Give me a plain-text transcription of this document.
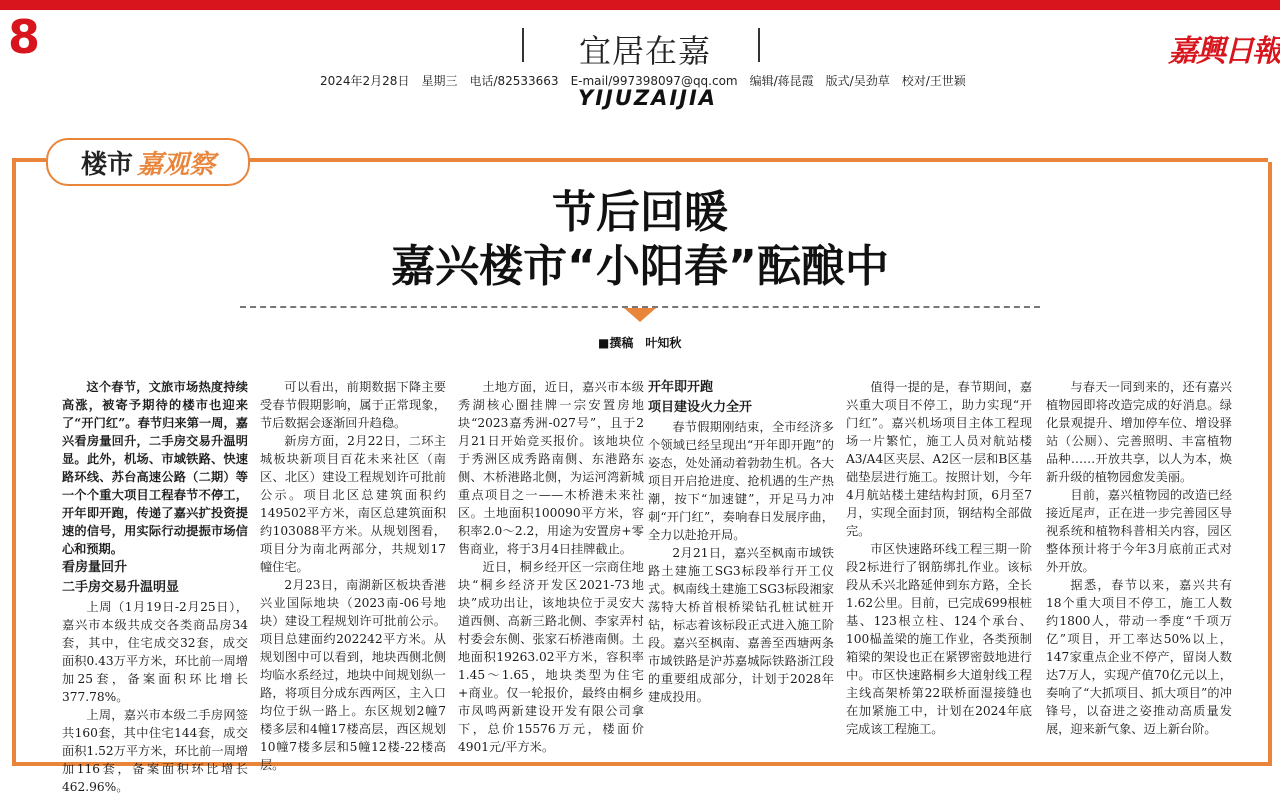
8	宜居在嘉
2024年2月28日　星期三　电话/82533663　E-mail/997398097@qq.com　编辑/蒋昆霞　版式/吴劲草　校对/王世颖
YIJUZAIJIA
嘉興日報
楼市 嘉观察
节后回暖
嘉兴楼市“小阳春”酝酿中
■撰稿　叶知秋

这个春节，文旅市场热度持续高涨，被寄予期待的楼市也迎来了“开门红”。春节归来第一周，嘉兴看房量回升，二手房交易升温明显。此外，机场、市域铁路、快速路环线、苏台高速公路（二期）等一个个重大项目工程春节不停工，开年即开跑，传递了嘉兴扩投资提速的信号，用实际行动提振市场信心和预期。

看房量回升

二手房交易升温明显

上周（1月19日-2月25日），嘉兴市本级共成交各类商品房34套，其中，住宅成交32套，成交面积0.43万平方米，环比前一周增加25套，备案面积环比增长377.78%。

上周，嘉兴市本级二手房网签共160套，其中住宅144套，成交面积1.52万平方米，环比前一周增加116套，备案面积环比增长462.96%。

可以看出，前期数据下降主要受春节假期影响，属于正常现象，节后数据会逐渐回升趋稳。

新房方面，2月22日，二环主城板块新项目百花未来社区（南区、北区）建设工程规划许可批前公示。项目北区总建筑面积约149502平方米，南区总建筑面积约103088平方米。从规划图看，项目分为南北两部分，共规划17幢住宅。

2月23日，南湖新区板块香港兴业国际地块（2023南-06号地块）建设工程规划许可批前公示。项目总建面约202242平方米。从规划图中可以看到，地块西侧北侧均临水系经过，地块中间规划纵一路，将项目分成东西两区，主入口均位于纵一路上。东区规划2幢7楼多层和4幢17楼高层，西区规划10幢7楼多层和5幢12楼-22楼高层。

土地方面，近日，嘉兴市本级秀湖核心圈挂牌一宗安置房地块“2023嘉秀洲-027号”，且于2月21日开始竞买报价。该地块位于秀洲区成秀路南侧、东港路东侧、木桥港路北侧，为运河湾新城重点项目之一——木桥港未来社区。土地面积100090平方米，容积率2.0～2.2，用途为安置房+零售商业，将于3月4日挂牌截止。

近日，桐乡经开区一宗商住地块“桐乡经济开发区2021-73地块”成功出让，该地块位于灵安大道西侧、高新三路北侧、李家弄村村委会东侧、张家石桥港南侧。土地面积19263.02平方米，容积率1.45～1.65，地块类型为住宅+商业。仅一轮报价，最终由桐乡市凤鸣两新建设开发有限公司拿下，总价15576万元，楼面价4901元/平方米。

开年即开跑

项目建设火力全开

春节假期刚结束，全市经济多个领域已经呈现出“开年即开跑”的姿态，处处涌动着勃勃生机。各大项目开启抢进度、抢机遇的生产热潮，按下“加速键”，开足马力冲刺“开门红”，奏响春日发展序曲，全力以赴抢开局。

2月21日，嘉兴至枫南市域铁路土建施工SG3标段举行开工仪式。枫南线土建施工SG3标段湘家荡特大桥首根桥梁钻孔桩试桩开钻，标志着该标段正式进入施工阶段。嘉兴至枫南、嘉善至西塘两条市域铁路是沪苏嘉城际铁路浙江段的重要组成部分，计划于2028年建成投用。

值得一提的是，春节期间，嘉兴重大项目不停工，助力实现“开门红”。嘉兴机场项目主体工程现场一片繁忙，施工人员对航站楼A3/A4区夹层、A2区一层和B区基础垫层进行施工。按照计划，今年4月航站楼土建结构封顶，6月至7月，实现全面封顶，钢结构全部做完。

市区快速路环线工程三期一阶段2标进行了钢筋绑扎作业。该标段从禾兴北路延伸到东方路，全长1.62公里。目前，已完成699根桩基、123根立柱、124个承台、100榀盖梁的施工作业，各类预制箱梁的架设也正在紧锣密鼓地进行中。市区快速路桐乡大道射线工程主线高架桥第22联桥面湿接缝也在加紧施工中，计划在2024年底完成该工程施工。

与春天一同到来的，还有嘉兴植物园即将改造完成的好消息。绿化景观提升、增加停车位、增设驿站（公厕）、完善照明、丰富植物品种……开放共享，以人为本，焕新升级的植物园愈发美丽。

目前，嘉兴植物园的改造已经接近尾声，正在进一步完善园区导视系统和植物科普相关内容，园区整体预计将于今年3月底前正式对外开放。

据悉，春节以来，嘉兴共有18个重大项目不停工，施工人数约1800人，带动一季度“千项万亿”项目，开工率达50%以上，147家重点企业不停产，留岗人数达7万人，实现产值70亿元以上，奏响了“大抓项目、抓大项目”的冲锋号，以奋进之姿推动高质量发展，迎来新气象、迈上新台阶。
